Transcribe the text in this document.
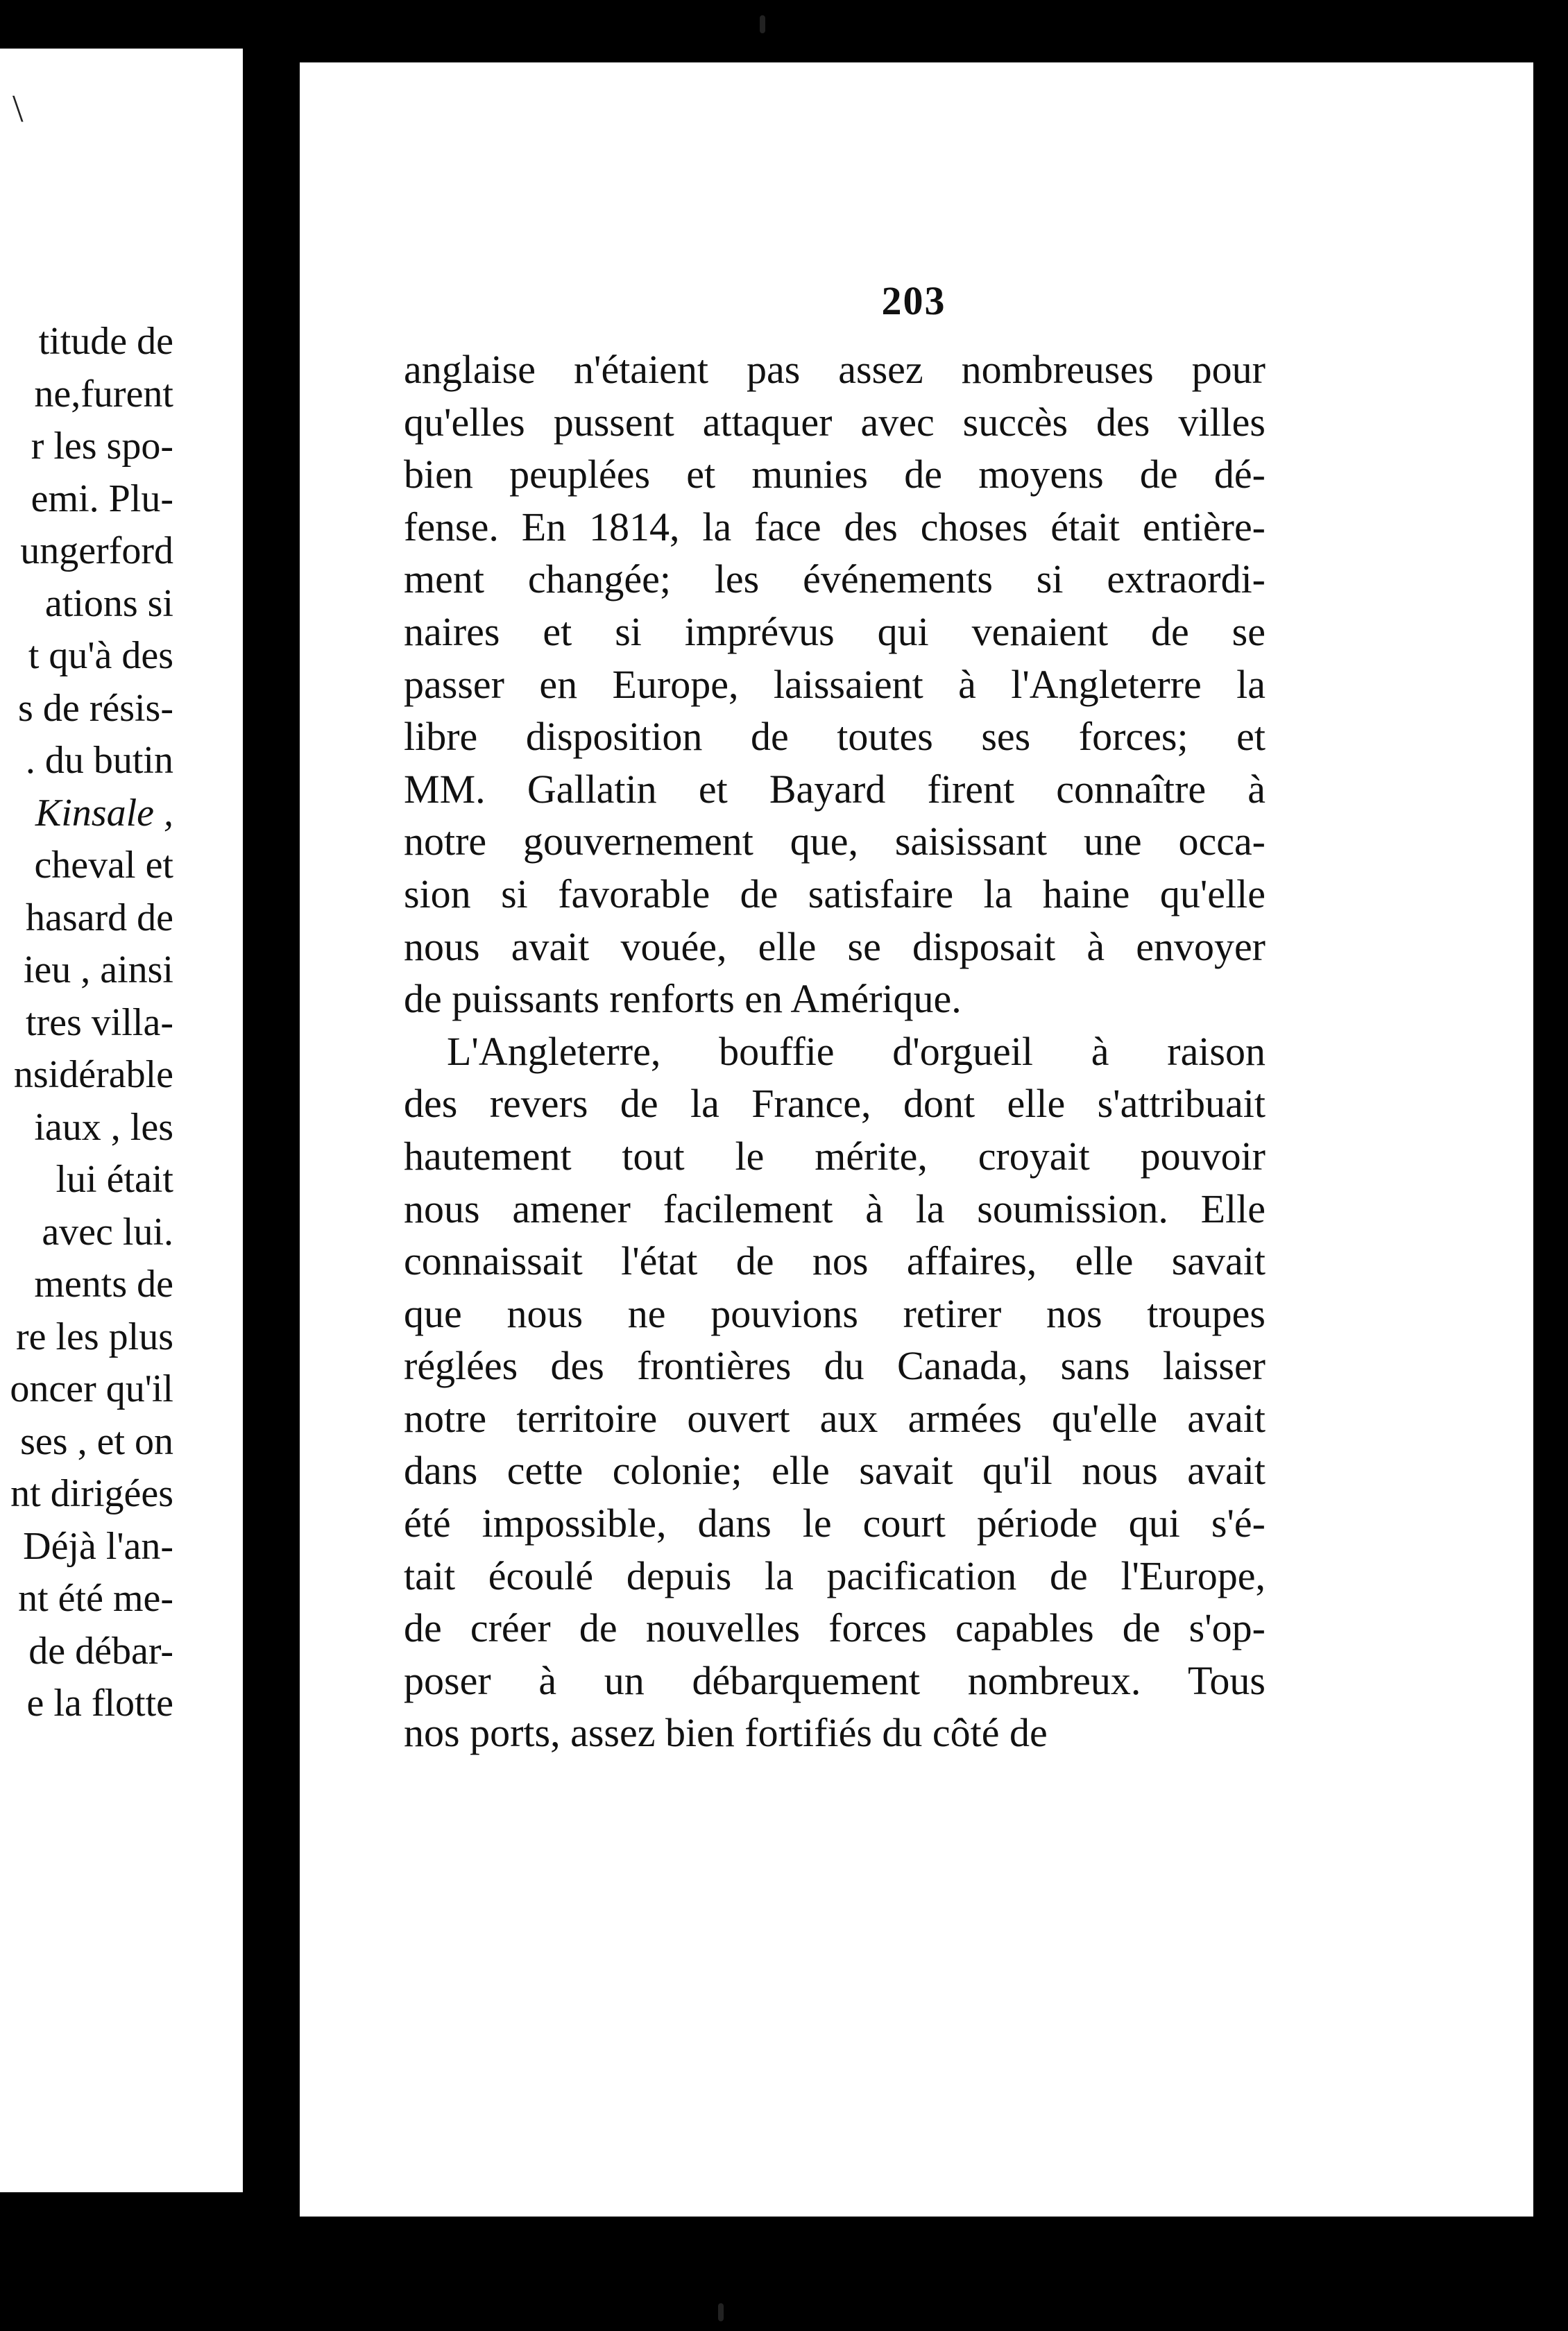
\
titude de
ne,furent
r les spo-
emi. Plu-
ungerford
ations si
t qu'à des
s de résis-
. du butin
Kinsale ,
cheval et
hasard de
ieu , ainsi
tres villa-
nsidérable
iaux , les
lui était
avec lui.
ments de
re les plus
oncer qu'il
ses , et on
nt dirigées
Déjà l'an-
nt été me-
de débar-
e la flotte
203
anglaise n'étaient pas assez nombreuses pour
qu'elles pussent attaquer avec succès des villes
bien peuplées et munies de moyens de dé-
fense. En 1814, la face des choses était entière-
ment changée; les événements si extraordi-
naires et si imprévus qui venaient de se
passer en Europe, laissaient à l'Angleterre la
libre disposition de toutes ses forces; et
MM. Gallatin et Bayard firent connaître à
notre gouvernement que, saisissant une occa-
sion si favorable de satisfaire la haine qu'elle
nous avait vouée, elle se disposait à envoyer
de puissants renforts en Amérique.
L'Angleterre, bouffie d'orgueil à raison
des revers de la France, dont elle s'attribuait
hautement tout le mérite, croyait pouvoir
nous amener facilement à la soumission. Elle
connaissait l'état de nos affaires, elle savait
que nous ne pouvions retirer nos troupes
réglées des frontières du Canada, sans laisser
notre territoire ouvert aux armées qu'elle avait
dans cette colonie; elle savait qu'il nous avait
été impossible, dans le court période qui s'é-
tait écoulé depuis la pacification de l'Europe,
de créer de nouvelles forces capables de s'op-
poser à un débarquement nombreux. Tous
nos ports, assez bien fortifiés du côté de
